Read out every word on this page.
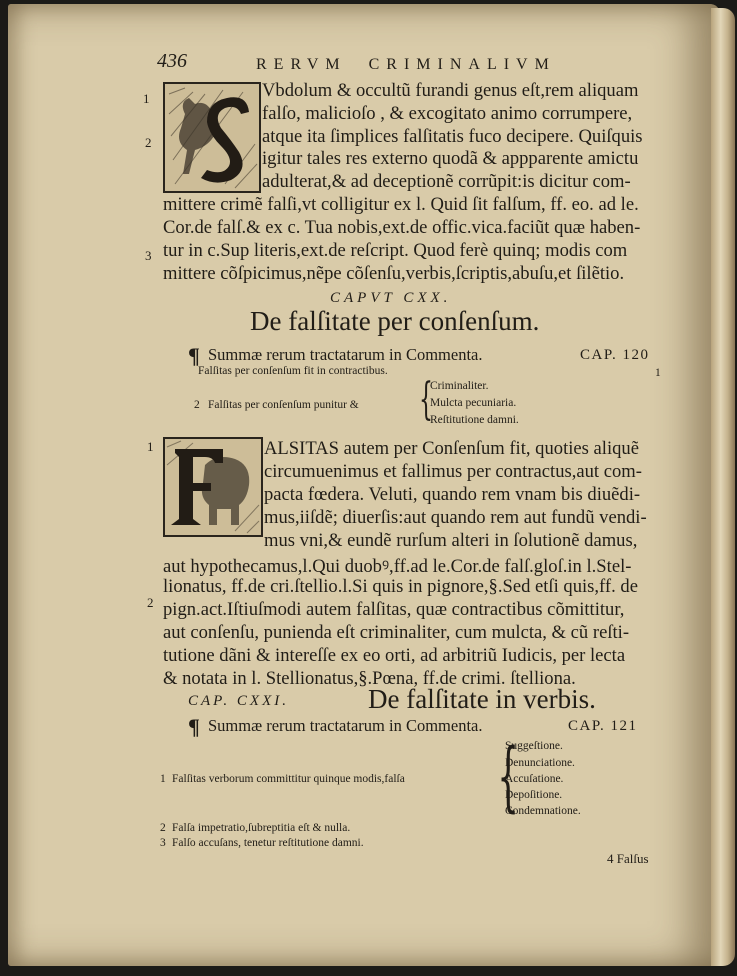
436	RERVM  CRIMINALIVM
1
2
3
Vbdolum & occultũ furandi genus eſt,rem aliquam
falſo, malicioſo , & excogitato animo corrumpere,
atque ita ſimplices falſitatis fuco decipere. Quiſquis
igitur tales res externo quodã & appparente amictu
adulterat,& ad deceptionẽ corrũpit:is dicitur com-
mittere crimẽ falſi,vt colligitur ex l. Quid ſit falſum, ff. eo. ad le.
Cor.de falſ.& ex c. Tua nobis,ext.de offic.vica.faciũt quæ haben-
tur in c.Sup literis,ext.de reſcript. Quod ferè quinq; modis com
mittere cõſpicimus,nẽpe cõſenſu,verbis,ſcriptis,abuſu,et ſilẽtio.
CAPVT CXX.
De falſitate per conſenſum.
¶ Summæ rerum tractatarum in Commenta.	CAP. 120
Falſitas per conſenſum fit in contractibus.	1
2 Falſitas per conſenſum punitur & {
Criminaliter.
Mulcta pecuniaria.
Reſtitutione damni.
1
2
ALSITAS autem per Conſenſum fit, quoties aliquẽ
circumuenimus et fallimus per contractus,aut com-
pacta fœdera. Veluti, quando rem vnam bis diuẽdi-
mus,iiſdẽ; diuerſis:aut quando rem aut fundũ vendi-
mus vni,& eundẽ rurſum alteri in ſolutionẽ damus,
aut hypothecamus,l.Qui duobꝰ,ff.ad le.Cor.de falſ.gloſ.in l.Stel-
lionatus, ff.de cri.ſtellio.l.Si quis in pignore,§.Sed etſi quis,ff. de
pign.act.Iſtiuſmodi autem falſitas, quæ contractibus cõmittitur,
aut conſenſu, punienda eſt criminaliter, cum mulcta, & cũ reſti-
tutione dãni & intereſſe ex eo orti, ad arbitriũ Iudicis, per lecta
& notata in l. Stellionatus,§.Pœna, ff.de crimi. ſtelliona.
CAP. CXXI.	De falſitate in verbis.
¶ Summæ rerum tractatarum in Commenta.	CAP. 121
{
Suggeſtione.
Denunciatione.
Accuſatione.
Depoſitione.
Condemnatione.
1 Falſitas verborum committitur quinque modis,falſa
2 Falſa impetratio,ſubreptitia eſt & nulla.
3 Falſo accuſans, tenetur reſtitutione damni.
4 Falſus
